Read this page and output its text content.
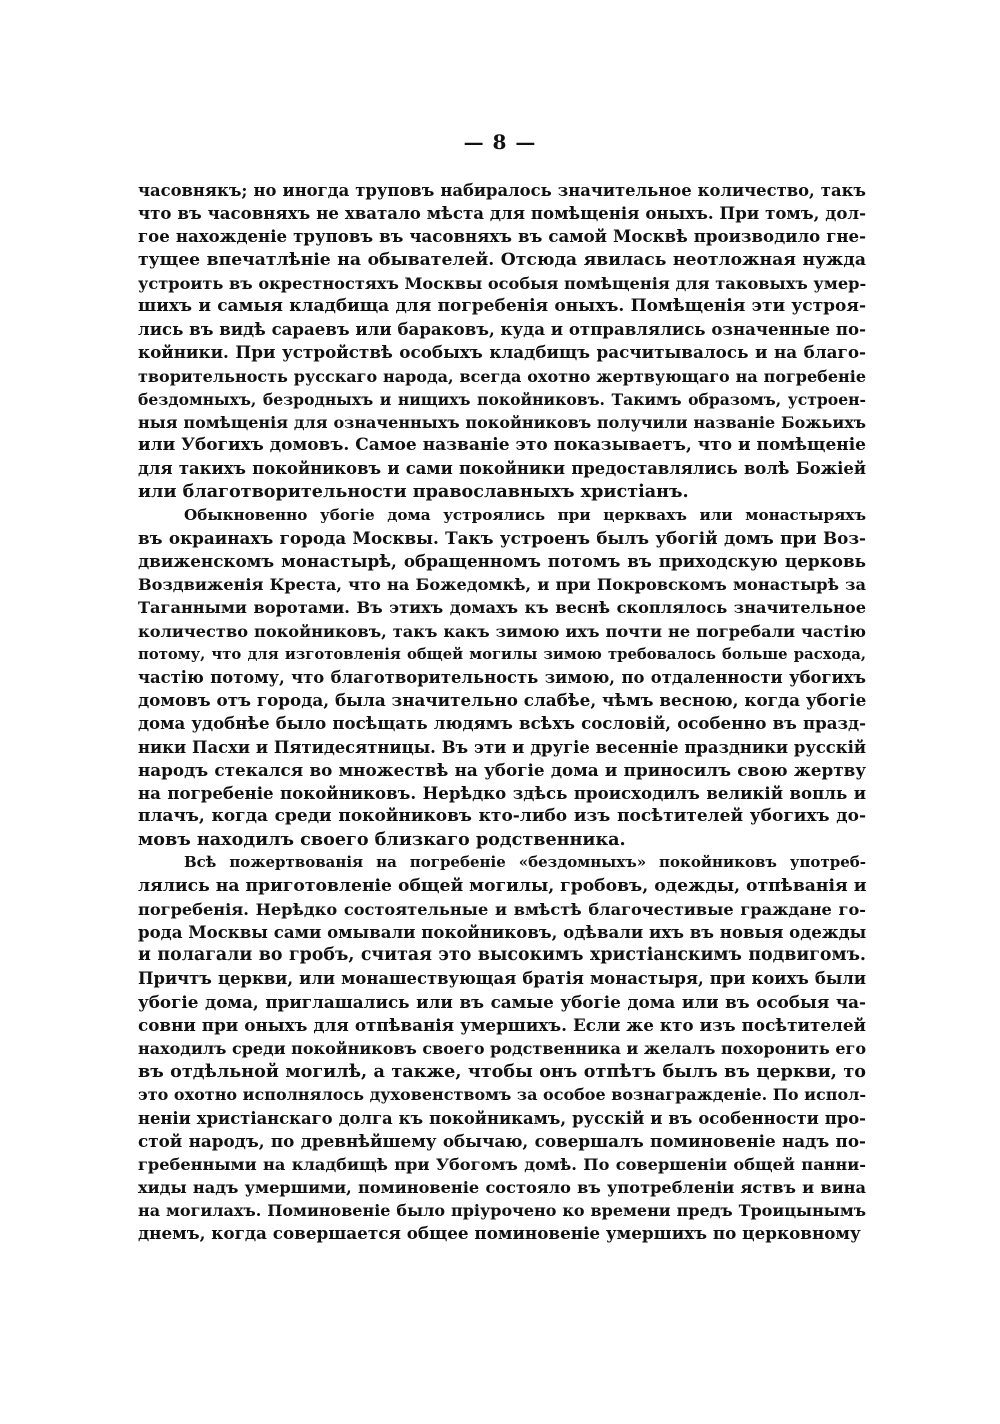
— 8 —
часовнякъ; но иногда труповъ набиралось значительное количество, такъ
что въ часовняхъ не хватало мѣста для помѣщенія оныхъ. При томъ, дол-
гое нахожденіе труповъ въ часовняхъ въ самой Москвѣ производило гне-
тущее впечатлѣніе на обывателей. Отсюда явилась неотложная нужда
устроить въ окрестностяхъ Москвы особыя помѣщенія для таковыхъ умер-
шихъ и самыя кладбища для погребенія оныхъ. Помѣщенія эти устроя-
лись въ видѣ сараевъ или бараковъ, куда и отправлялись означенные по-
койники. При устройствѣ особыхъ кладбищъ расчитывалось и на благо-
творительность русскаго народа, всегда охотно жертвующаго на погребеніе
бездомныхъ, безродныхъ и нищихъ покойниковъ. Такимъ образомъ, устроен-
ныя помѣщенія для означенныхъ покойниковъ получили названіе Божьихъ
или Убогихъ домовъ. Самое названіе это показываетъ, что и помѣщеніе
для такихъ покойниковъ и сами покойники предоставлялись волѣ Божіей
или благотворительности православныхъ христіанъ.
Обыкновенно убогіе дома устроялись при церквахъ или монастыряхъ
въ окраинахъ города Москвы. Такъ устроенъ былъ убогій домъ при Воз-
движенскомъ монастырѣ, обращенномъ потомъ въ приходскую церковь
Воздвиженія Креста, что на Божедомкѣ, и при Покровскомъ монастырѣ за
Таганными воротами. Въ этихъ домахъ къ веснѣ скоплялось значительное
количество покойниковъ, такъ какъ зимою ихъ почти не погребали частію
потому, что для изготовленія общей могилы зимою требовалось больше расхода,
частію потому, что благотворительность зимою, по отдаленности убогихъ
домовъ отъ города, была значительно слабѣе, чѣмъ весною, когда убогіе
дома удобнѣе было посѣщать людямъ всѣхъ сословій, особенно въ празд-
ники Пасхи и Пятидесятницы. Въ эти и другіе весенніе праздники русскій
народъ стекался во множествѣ на убогіе дома и приносилъ свою жертву
на погребеніе покойниковъ. Нерѣдко здѣсь происходилъ великій вопль и
плачъ, когда среди покойниковъ кто-либо изъ посѣтителей убогихъ до-
мовъ находилъ своего близкаго родственника.
Всѣ пожертвованія на погребеніе «бездомныхъ» покойниковъ употреб-
лялись на приготовленіе общей могилы, гробовъ, одежды, отпѣванія и
погребенія. Нерѣдко состоятельные и вмѣстѣ благочестивые граждане го-
рода Москвы сами омывали покойниковъ, одѣвали ихъ въ новыя одежды
и полагали во гробъ, считая это высокимъ христіанскимъ подвигомъ.
Причтъ церкви, или монашествующая братія монастыря, при коихъ были
убогіе дома, приглашались или въ самые убогіе дома или въ особыя ча-
совни при оныхъ для отпѣванія умершихъ. Если же кто изъ посѣтителей
находилъ среди покойниковъ своего родственника и желалъ похоронить его
въ отдѣльной могилѣ, а также, чтобы онъ отпѣтъ былъ въ церкви, то
это охотно исполнялось духовенствомъ за особое вознагражденіе. По испол-
неніи христіанскаго долга къ покойникамъ, русскій и въ особенности про-
стой народъ, по древнѣйшему обычаю, совершалъ поминовеніе надъ по-
гребенными на кладбищѣ при Убогомъ домѣ. По совершеніи общей панни-
хиды надъ умершими, поминовеніе состояло въ употребленіи яствъ и вина
на могилахъ. Поминовеніе было пріурочено ко времени предъ Троицынымъ
днемъ, когда совершается общее поминовеніе умершихъ по церковному
